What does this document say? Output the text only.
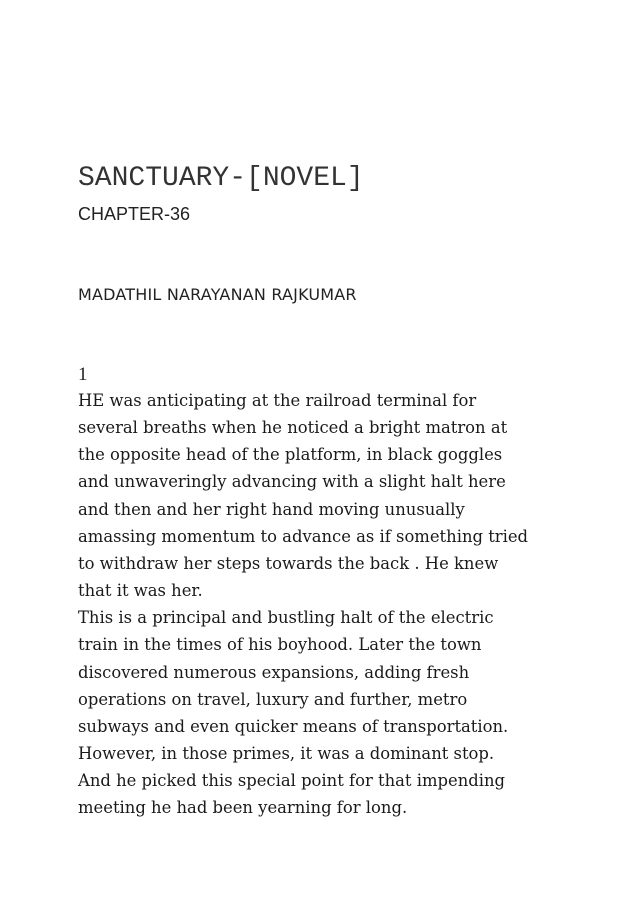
SANCTUARY-[NOVEL]
CHAPTER-36
MADATHIL NARAYANAN RAJKUMAR
1
HE was anticipating at the railroad terminal for
several breaths when he noticed a bright matron at
the opposite head of the platform, in black goggles
and unwaveringly advancing with a slight halt here
and then and her right hand moving unusually
amassing momentum to advance as if something tried
to withdraw her steps towards the back . He knew
that it was her.
This is a principal and bustling halt of the electric
train in the times of his boyhood. Later the town
discovered numerous expansions, adding fresh
operations on travel, luxury and further, metro
subways and even quicker means of transportation.
However, in those primes, it was a dominant stop.
And he picked this special point for that impending
meeting he had been yearning for long.
